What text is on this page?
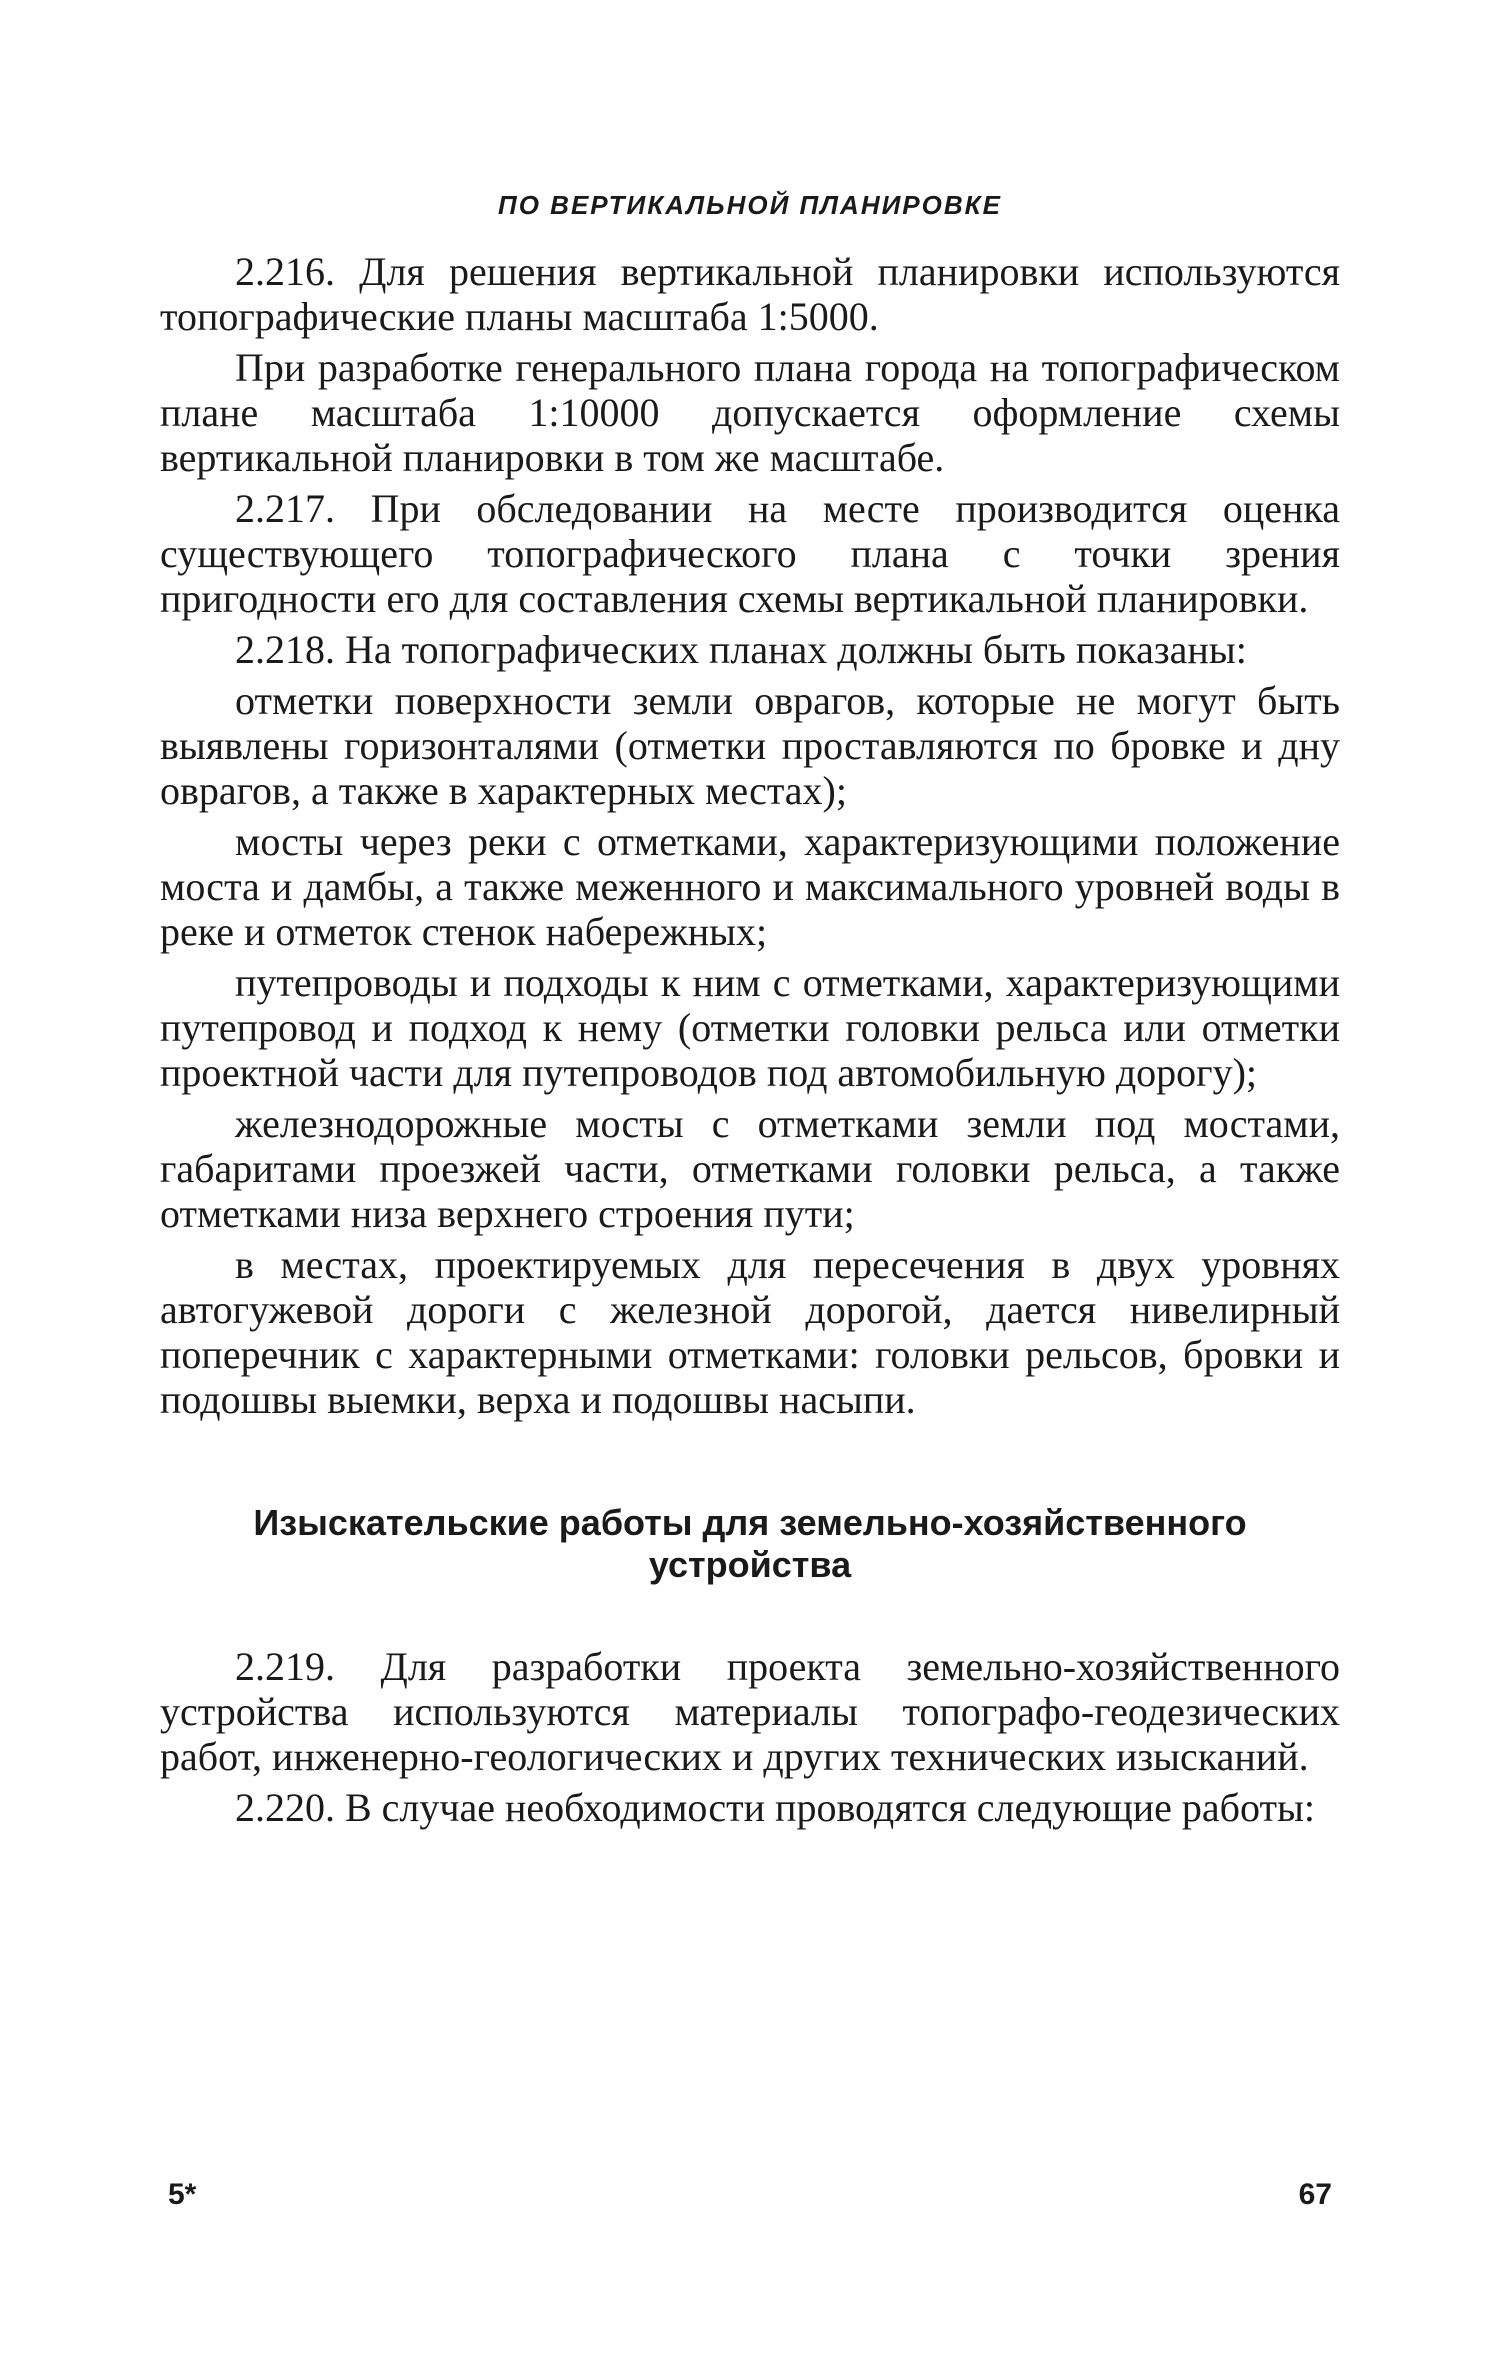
ПО ВЕРТИКАЛЬНОЙ ПЛАНИРОВКЕ

2.216. Для решения вертикальной планировки используются топографические планы масштаба 1:5000.

При разработке генерального плана города на топографическом плане масштаба 1:10000 допускается оформление схемы вертикальной планировки в том же масштабе.

2.217. При обследовании на месте производится оценка существующего топографического плана с точки зрения пригодности его для составления схемы вертикальной планировки.

2.218. На топографических планах должны быть показаны:

отметки поверхности земли оврагов, которые не могут быть выявлены горизонталями (отметки проставляются по бровке и дну оврагов, а также в характерных местах);

мосты через реки с отметками, характеризующими положение моста и дамбы, а также меженного и максимального уровней воды в реке и отметок стенок набережных;

путепроводы и подходы к ним с отметками, характеризующими путепровод и подход к нему (отметки головки рельса или отметки проектной части для путепроводов под автомобильную дорогу);

железнодорожные мосты с отметками земли под мостами, габаритами проезжей части, отметками головки рельса, а также отметками низа верхнего строения пути;

в местах, проектируемых для пересечения в двух уровнях автогужевой дороги с железной дорогой, дается нивелирный поперечник с характерными отметками: головки рельсов, бровки и подошвы выемки, верха и подошвы насыпи.

Изыскательские работы для земельно-хозяйственного
устройства

2.219. Для разработки проекта земельно-хозяйственного устройства используются материалы топографо-геодезических работ, инженерно-геологических и других технических изысканий.

2.220. В случае необходимости проводятся следующие работы:

5*	67
